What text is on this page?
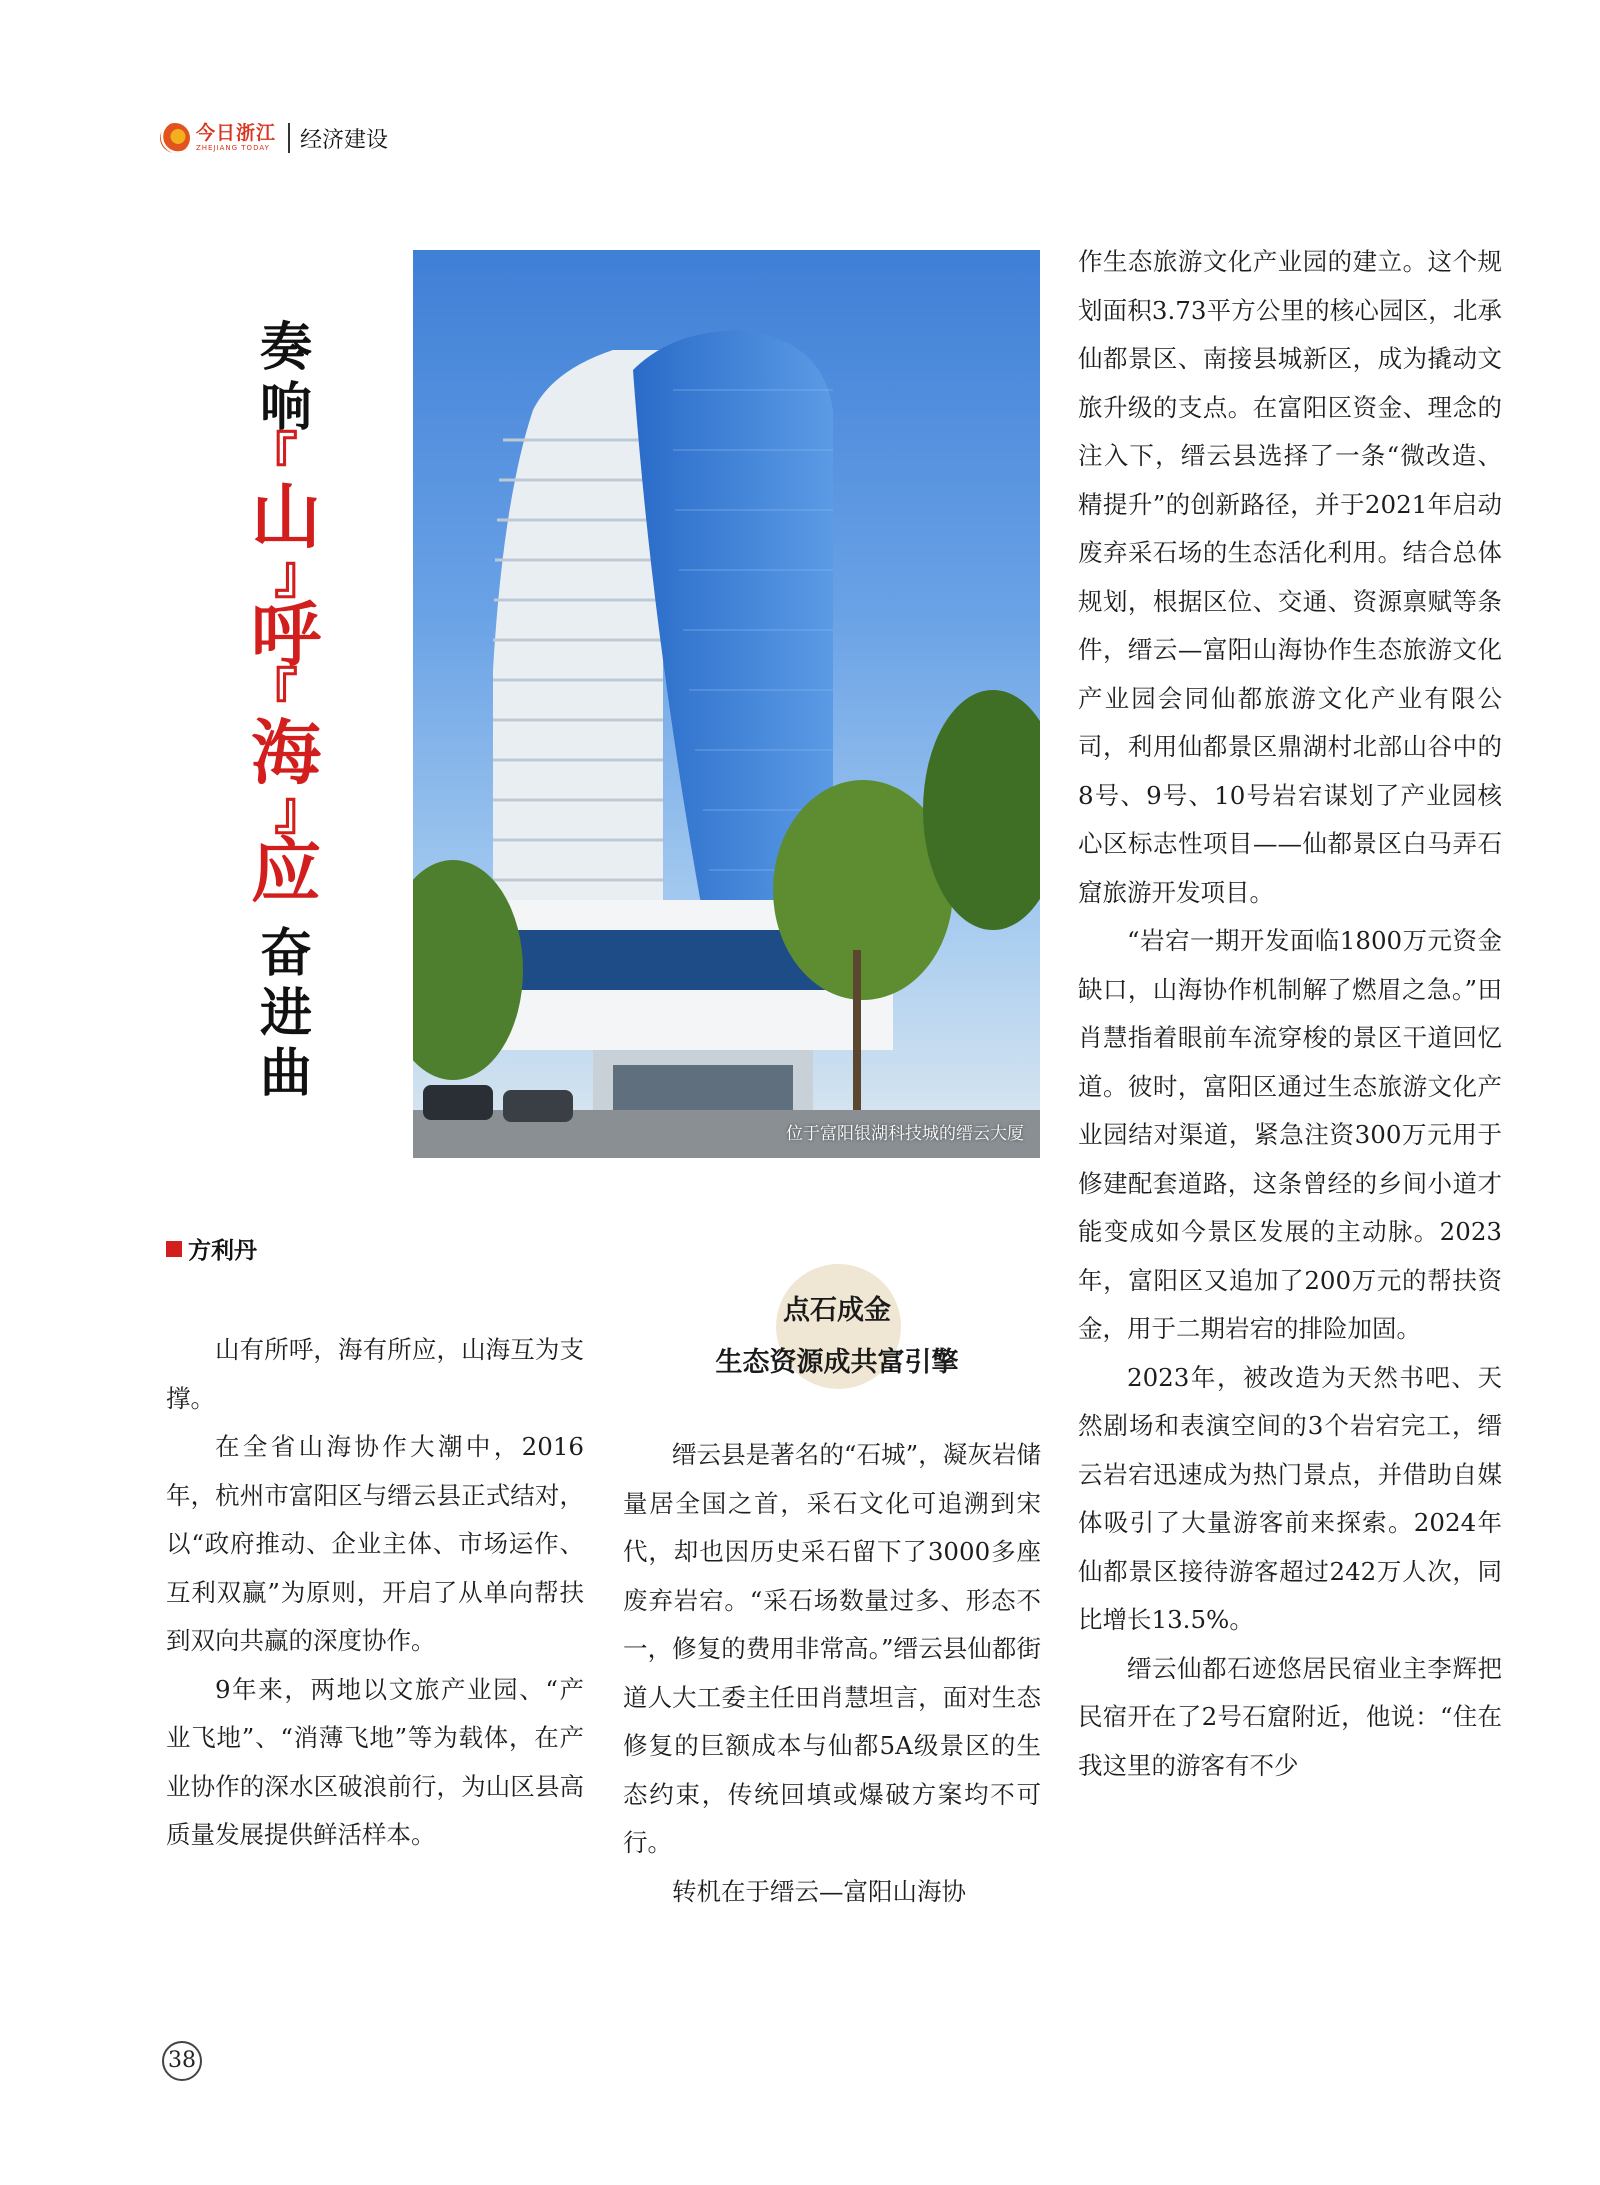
今日浙江
ZHEJIANG TODAY 经济建设
奏
响
『
山
』
呼
『
海
』
应
奋
进
曲
位于富阳银湖科技城的缙云大厦
方利丹

山有所呼，海有所应，山海互为支撑。

在全省山海协作大潮中，2016年，杭州市富阳区与缙云县正式结对，以“政府推动、企业主体、市场运作、互利双赢”为原则，开启了从单向帮扶到双向共赢的深度协作。

9年来，两地以文旅产业园、“产业飞地”、“消薄飞地”等为载体，在产业协作的深水区破浪前行，为山区县高质量发展提供鲜活样本。

点石成金
生态资源成共富引擎

缙云县是著名的“石城”，凝灰岩储量居全国之首，采石文化可追溯到宋代，却也因历史采石留下了3000多座废弃岩宕。“采石场数量过多、形态不一，修复的费用非常高。”缙云县仙都街道人大工委主任田肖慧坦言，面对生态修复的巨额成本与仙都5A级景区的生态约束，传统回填或爆破方案均不可行。

转机在于缙云—富阳山海协

作生态旅游文化产业园的建立。这个规划面积3.73平方公里的核心园区，北承仙都景区、南接县城新区，成为撬动文旅升级的支点。在富阳区资金、理念的注入下，缙云县选择了一条“微改造、精提升”的创新路径，并于2021年启动废弃采石场的生态活化利用。结合总体规划，根据区位、交通、资源禀赋等条件，缙云—富阳山海协作生态旅游文化产业园会同仙都旅游文化产业有限公司，利用仙都景区鼎湖村北部山谷中的8号、9号、10号岩宕谋划了产业园核心区标志性项目——仙都景区白马弄石窟旅游开发项目。

“岩宕一期开发面临1800万元资金缺口，山海协作机制解了燃眉之急。”田肖慧指着眼前车流穿梭的景区干道回忆道。彼时，富阳区通过生态旅游文化产业园结对渠道，紧急注资300万元用于修建配套道路，这条曾经的乡间小道才能变成如今景区发展的主动脉。2023年，富阳区又追加了200万元的帮扶资金，用于二期岩宕的排险加固。

2023年，被改造为天然书吧、天然剧场和表演空间的3个岩宕完工，缙云岩宕迅速成为热门景点，并借助自媒体吸引了大量游客前来探索。2024年仙都景区接待游客超过242万人次，同比增长13.5%。

缙云仙都石迹悠居民宿业主李辉把民宿开在了2号石窟附近，他说：“住在我这里的游客有不少

38
